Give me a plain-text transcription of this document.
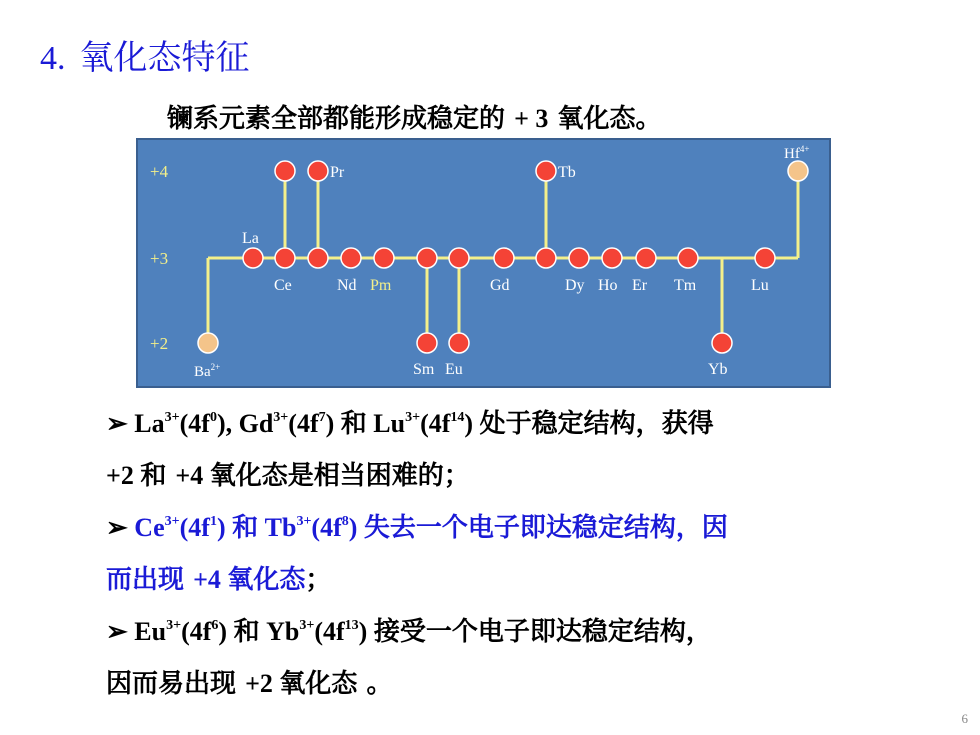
4. 氧化态特征
镧系元素全部都能形成稳定的 + 3 氧化态。
+4
+3
+2
$Ba^{2+}$
$Hf^{4+}$
La
Ce
Pr
Nd Pm
Sm Eu
Gd
Tb
Dy Ho Er Tm
Yb
Lu
➢ $La^{3+}(4f^0)$, $Gd^{3+}(4f^7)$ 和 $Lu^{3+}(4f^{14})$ 处于稳定结构，获得
+2 和 +4 氧化态是相当困难的；
➢ $Ce^{3+}(4f^1)$ 和 $Tb^{3+}(4f^8)$ 失去一个电子即达稳定结构，因
而出现 +4 氧化态；
➢ $Eu^{3+}(4f^6)$ 和 $Yb^{3+}(4f^{13})$ 接受一个电子即达稳定结构，
因而易出现 +2 氧化态 。
6
